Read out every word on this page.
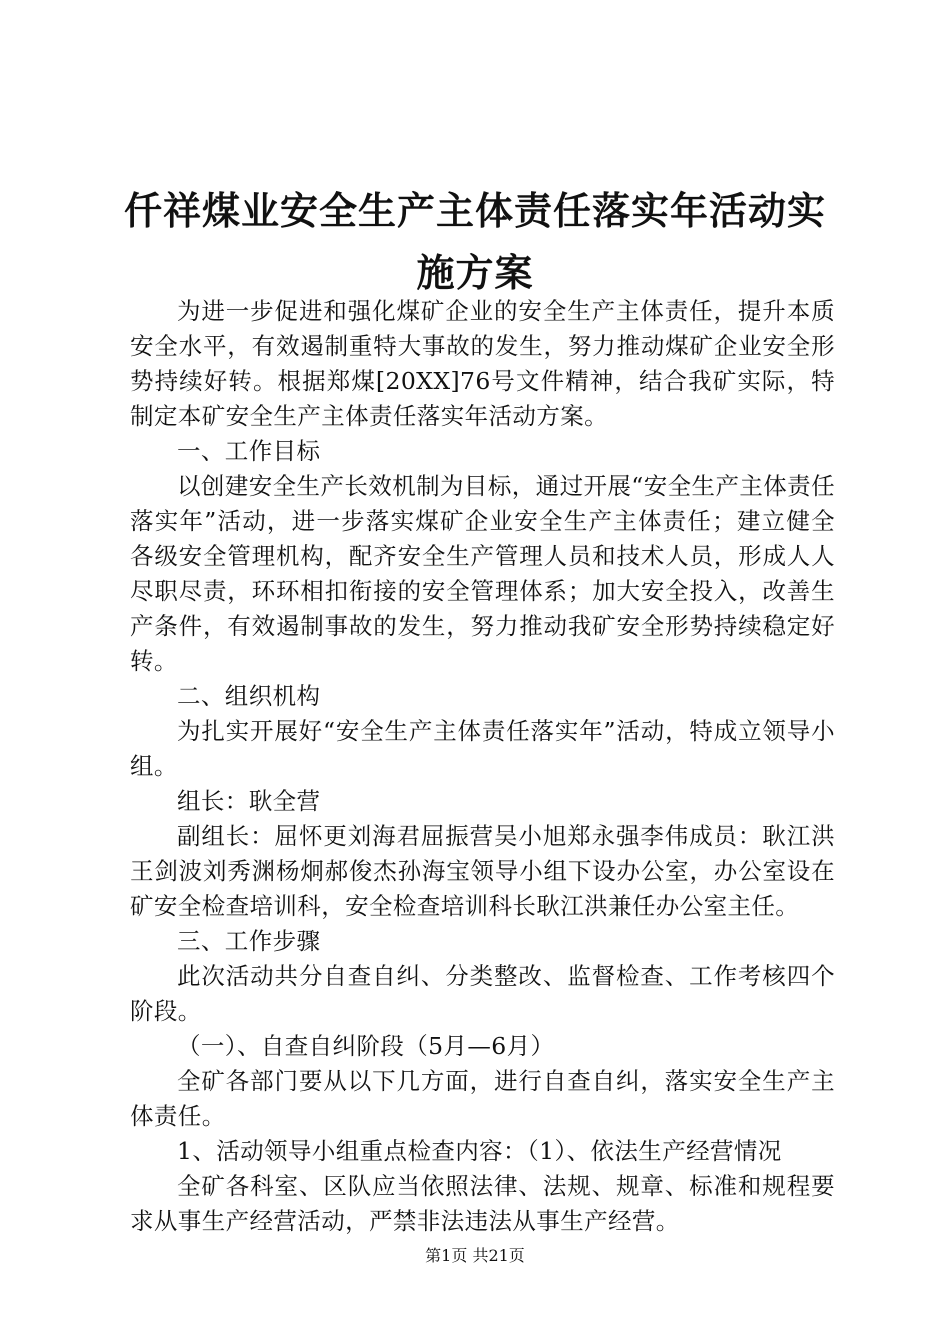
仟祥煤业安全生产主体责任落实年活动实施方案

为进一步促进和强化煤矿企业的安全生产主体责任，提升本质安全水平，有效遏制重特大事故的发生，努力推动煤矿企业安全形势持续好转。根据郑煤[20XX]76号文件精神，结合我矿实际，特制定本矿安全生产主体责任落实年活动方案。

一、工作目标

以创建安全生产长效机制为目标，通过开展“安全生产主体责任落实年”活动，进一步落实煤矿企业安全生产主体责任；建立健全各级安全管理机构，配齐安全生产管理人员和技术人员，形成人人尽职尽责，环环相扣衔接的安全管理体系；加大安全投入，改善生产条件，有效遏制事故的发生，努力推动我矿安全形势持续稳定好转。

二、组织机构

为扎实开展好“安全生产主体责任落实年”活动，特成立领导小组。

组长：耿全营

副组长：屈怀更刘海君屈振营吴小旭郑永强李伟成员：耿江洪王剑波刘秀渊杨炯郝俊杰孙海宝领导小组下设办公室，办公室设在矿安全检查培训科，安全检查培训科长耿江洪兼任办公室主任。

三、工作步骤

此次活动共分自查自纠、分类整改、监督检查、工作考核四个阶段。

（一）、自查自纠阶段（5月—6月）

全矿各部门要从以下几方面，进行自查自纠，落实安全生产主体责任。

1、活动领导小组重点检查内容：（1）、依法生产经营情况

全矿各科室、区队应当依照法律、法规、规章、标准和规程要求从事生产经营活动，严禁非法违法从事生产经营。

第1页 共21页
